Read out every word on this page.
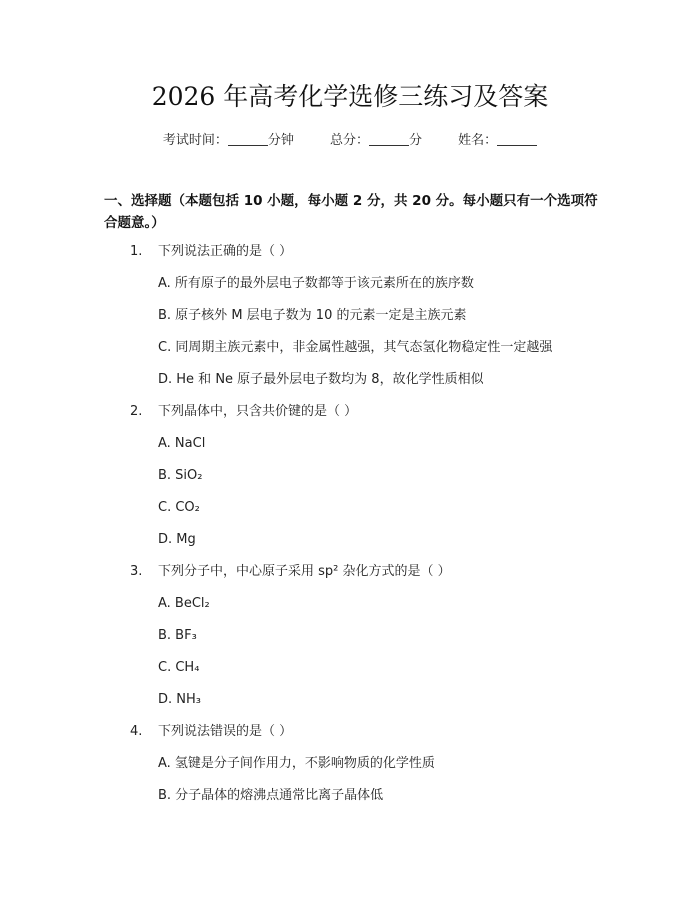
2026 年高考化学选修三练习及答案
考试时间：	分钟	总分：	分	姓名：
一、选择题（本题包括 10 小题，每小题 2 分，共 20 分。每小题只有一个选项符合题意。）
1. 下列说法正确的是（ ）
A. 所有原子的最外层电子数都等于该元素所在的族序数
B. 原子核外 M 层电子数为 10 的元素一定是主族元素
C. 同周期主族元素中，非金属性越强，其气态氢化物稳定性一定越强
D. He 和 Ne 原子最外层电子数均为 8，故化学性质相似
2. 下列晶体中，只含共价键的是（ ）
A. NaCl
B. SiO₂
C. CO₂
D. Mg
3. 下列分子中，中心原子采用 sp² 杂化方式的是（ ）
A. BeCl₂
B. BF₃
C. CH₄
D. NH₃
4. 下列说法错误的是（ ）
A. 氢键是分子间作用力，不影响物质的化学性质
B. 分子晶体的熔沸点通常比离子晶体低
